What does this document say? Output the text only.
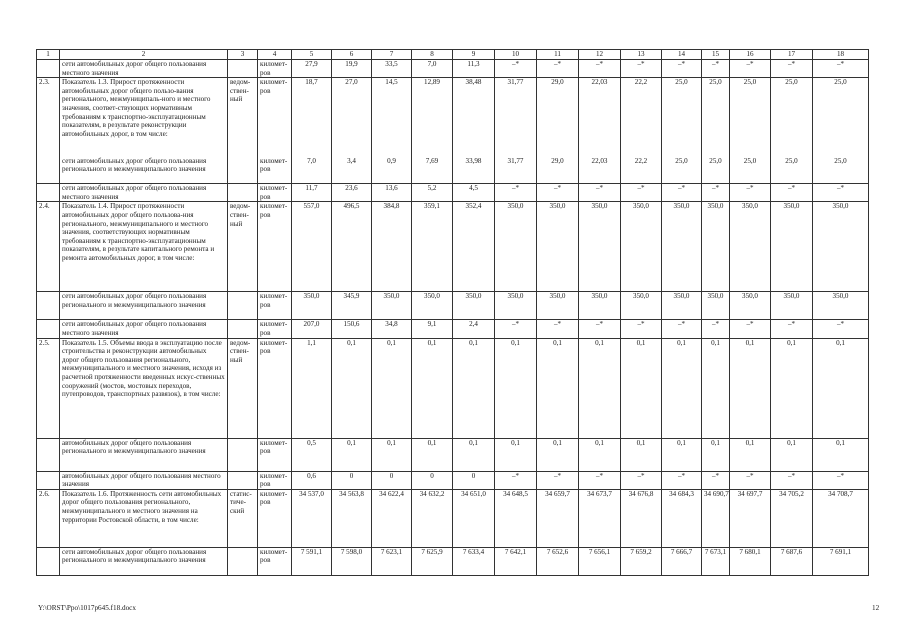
1	2	3	4	5	6	7	8	9	10	11	12	13	14	15	16	17	18
	сети автомобильных дорог общего пользования местного значения		километ-ров	27,9	19,9	33,5	7,0	11,3	–*	–*	–*	–*	–*	–*	–*	–*	–*
2.3.	Показатель 1.3. Прирост протяженности автомобильных дорог общего пользо-вания регионального, межмуниципаль-ного и местного значения, соответ-ствующих нормативным требованиям к транспортно-эксплуатационным показателям, в результате реконструкции автомобильных дорог, в том числе:	ведом-ствен-ный	километ-ров	18,7	27,0	14,5	12,89	38,48	31,77	29,0	22,03	22,2	25,0	25,0	25,0	25,0	25,0
	сети автомобильных дорог общего пользования регионального и межмуниципального значения		километ-ров	7,0	3,4	0,9	7,69	33,98	31,77	29,0	22,03	22,2	25,0	25,0	25,0	25,0	25,0
	сети автомобильных дорог общего пользования местного значения		километ-ров	11,7	23,6	13,6	5,2	4,5	–*	–*	–*	–*	–*	–*	–*	–*	–*
2.4.	Показатель 1.4. Прирост протяженности автомобильных дорог общего пользова-ния регионального, межмуниципального и местного значения, соответствующих нормативным требованиям к транспортно-эксплуатационным показателям, в результате капитального ремонта и ремонта автомобильных дорог, в том числе:	ведом-ствен-ный	километ-ров	557,0	496,5	384,8	359,1	352,4	350,0	350,0	350,0	350,0	350,0	350,0	350,0	350,0	350,0
	сети автомобильных дорог общего пользования регионального и межмуниципального значения		километ-ров	350,0	345,9	350,0	350,0	350,0	350,0	350,0	350,0	350,0	350,0	350,0	350,0	350,0	350,0
	сети автомобильных дорог общего пользования местного значения		километ-ров	207,0	150,6	34,8	9,1	2,4	–*	–*	–*	–*	–*	–*	–*	–*	–*
2.5.	Показатель 1.5. Объемы ввода в эксплуатацию после строительства и реконструкции автомобильных дорог общего пользования регионального, межмуниципального и местного значения, исходя из расчетной протяженности введенных искус-ственных сооружений (мостов, мостовых переходов, путепроводов, транспортных развязок), в том числе:	ведом-ствен-ный	километ-ров	1,1	0,1	0,1	0,1	0,1	0,1	0,1	0,1	0,1	0,1	0,1	0,1	0,1	0,1
	автомобильных дорог общего пользования регионального и межмуниципального значения		километ-ров	0,5	0,1	0,1	0,1	0,1	0,1	0,1	0,1	0,1	0,1	0,1	0,1	0,1	0,1
	автомобильных дорог общего пользования местного значения		километ-ров	0,6	0	0	0	0	–*	–*	–*	–*	–*	–*	–*	–*	–*
2.6.	Показатель 1.6. Протяженность сети автомобильных дорог общего пользования регионального, межмуниципального и местного значения на территории Ростовской области, в том числе:	статис-тиче-ский	километ-ров	34 537,0	34 563,8	34 622,4	34 632,2	34 651,0	34 648,5	34 659,7	34 673,7	34 676,8	34 684,3	34 690,7	34 697,7	34 705,2	34 708,7
	сети автомобильных дорог общего пользования регионального и межмуниципального значения		километ-ров	7 591,1	7 598,0	7 623,1	7 625,9	7 633,4	7 642,1	7 652,6	7 656,1	7 659,2	7 666,7	7 673,1	7 680,1	7 687,6	7 691,1
Y:\ORST\Ppo\1017p645.f18.docx	12
